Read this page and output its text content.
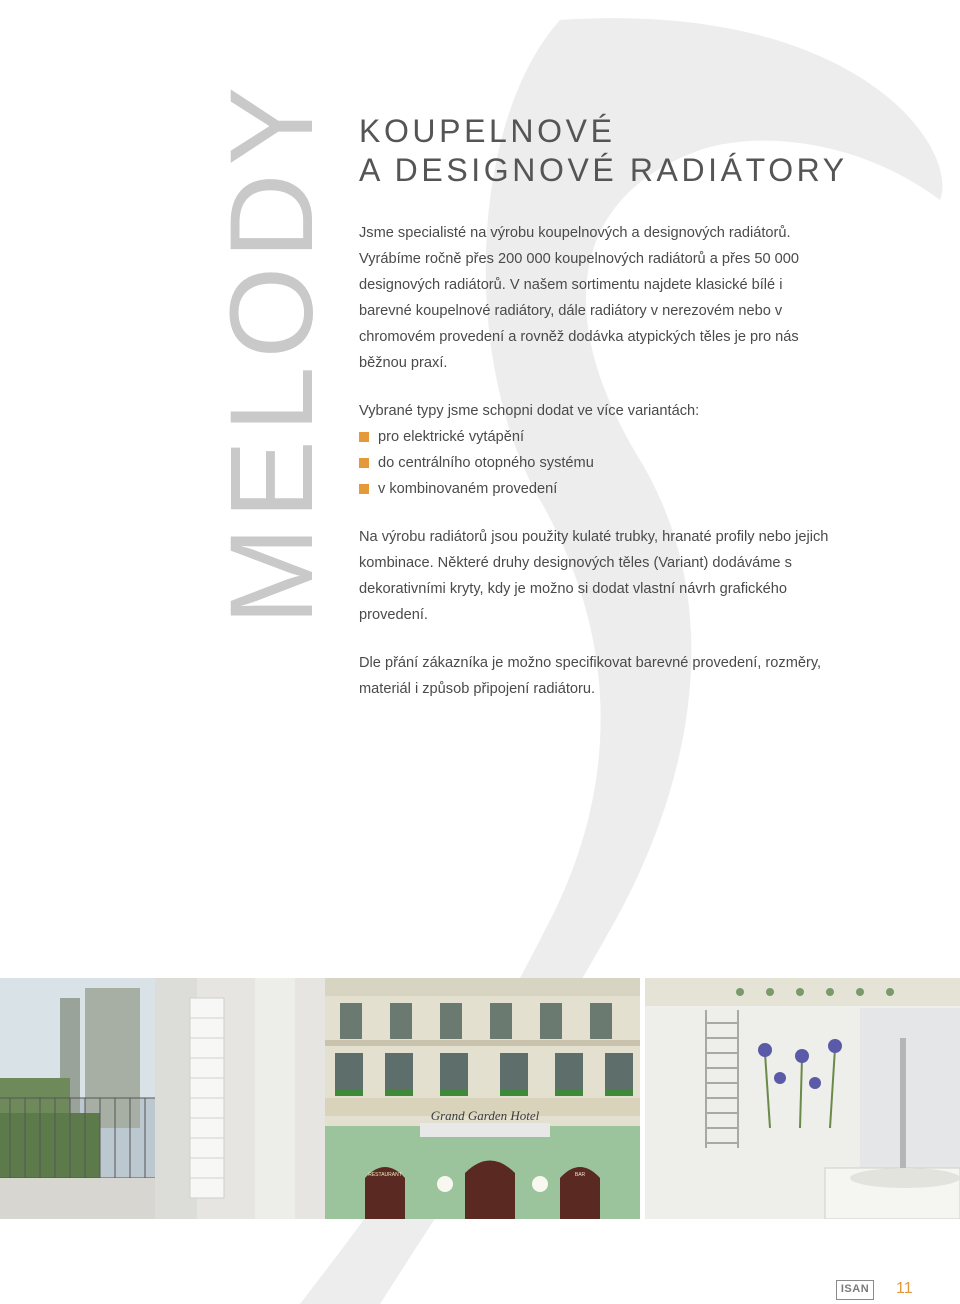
MELODY KOUPELNOVÉ
A DESIGNOVÉ RADIÁTORY

Jsme specialisté na výrobu koupelnových a designových radiátorů. Vyrábíme ročně přes 200 000 koupelnových radiátorů a přes 50 000 designových radiátorů. V našem sortimentu najdete klasické bílé i barevné koupelnové radiátory, dále radiátory v nerezovém nebo v chromovém provedení a rovněž dodávka atypických těles je pro nás běžnou praxí.

Vybrané typy jsme schopni dodat ve více variantách:

pro elektrické vytápění
do centrálního otopného systému
v kombinovaném provedení

Na výrobu radiátorů jsou použity kulaté trubky, hranaté profily nebo jejich kombinace. Některé druhy designových těles (Variant) dodáváme s dekorativními kryty, kdy je možno si dodat vlastní návrh grafického provedení.

Dle přání zákazníka je možno specifikovat barevné provedení, rozměry, materiál i způsob připojení radiátoru.

Grand Garden Hotel
RESTAURANT	BAR
ISAN	11
